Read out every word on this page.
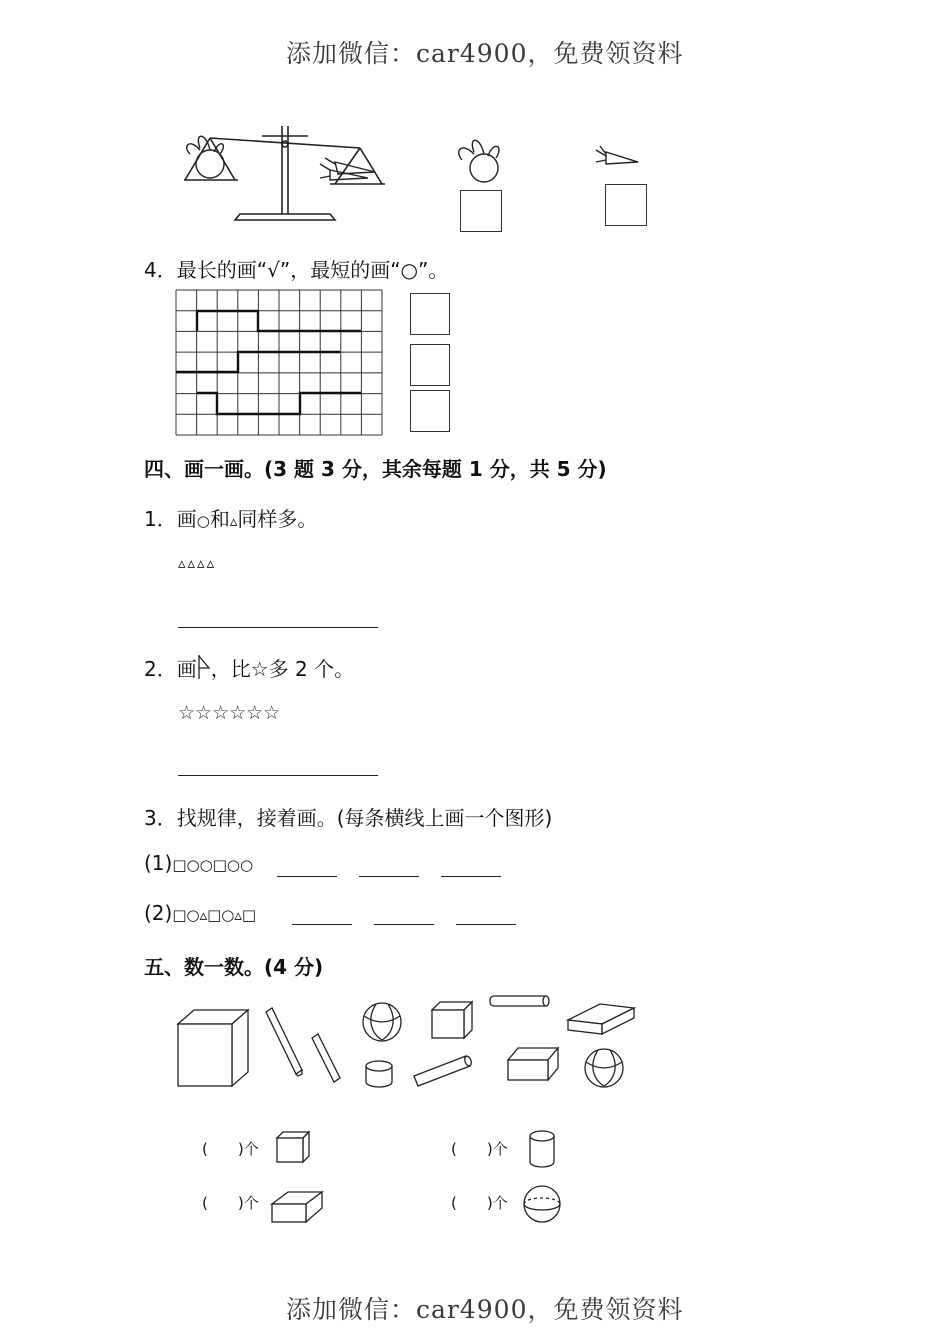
添加微信：car4900，免费领资料
4．最长的画“√”，最短的画“○”。
四、画一画。(3 题 3 分，其余每题 1 分，共 5 分)
1．画○和▵同样多。
▵▵▵▵
2．画 ，比☆多 2 个。
☆☆☆☆☆☆
3．找规律，接着画。(每条横线上画一个图形)
(1)□○○□○○
(2)□○▵□○▵□
五、数一数。(4 分)
(　　)个	(　　)个
(　　)个	(　　)个
添加微信：car4900，免费领资料
